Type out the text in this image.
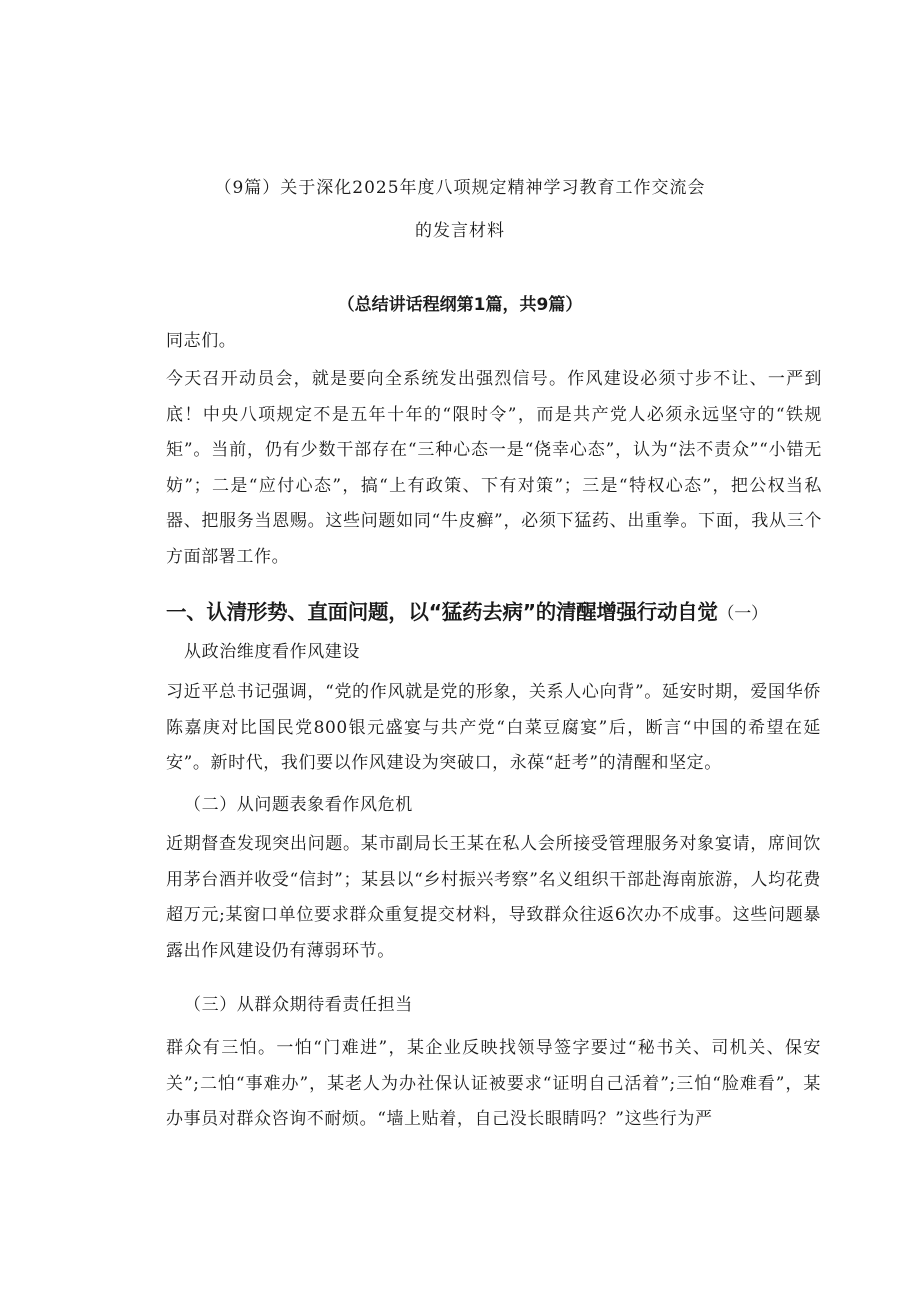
（9篇）关于深化2025年度八项规定精神学习教育工作交流会
的发言材料
（总结讲话程纲第1篇，共9篇）

同志们。

今天召开动员会，就是要向全系统发出强烈信号。作风建设必须寸步不让、一严到底！中央八项规定不是五年十年的“限时令”，而是共产党人必须永远坚守的“铁规矩”。当前，仍有少数干部存在“三种心态一是“侥幸心态”，认为“法不责众”“小错无妨”；二是“应付心态”，搞“上有政策、下有对策”；三是“特权心态”，把公权当私器、把服务当恩赐。这些问题如同“牛皮癣”，必须下猛药、出重拳。下面，我从三个方面部署工作。

一、认清形势、直面问题，以“猛药去病”的清醒增强行动自觉（一）
从政治维度看作风建设

习近平总书记强调，“党的作风就是党的形象，关系人心向背”。延安时期，爱国华侨陈嘉庚对比国民党800银元盛宴与共产党“白菜豆腐宴”后，断言“中国的希望在延安”。新时代，我们要以作风建设为突破口，永葆“赶考”的清醒和坚定。

（二）从问题表象看作风危机

近期督查发现突出问题。某市副局长王某在私人会所接受管理服务对象宴请，席间饮用茅台酒并收受“信封”；某县以“乡村振兴考察”名义组织干部赴海南旅游，人均花费超万元;某窗口单位要求群众重复提交材料，导致群众往返6次办不成事。这些问题暴露出作风建设仍有薄弱环节。

（三）从群众期待看责任担当

群众有三怕。一怕“门难进”，某企业反映找领导签字要过“秘书关、司机关、保安关”;二怕“事难办”，某老人为办社保认证被要求“证明自己活着”;三怕“脸难看”，某办事员对群众咨询不耐烦。“墙上贴着，自己没长眼睛吗？”这些行为严
